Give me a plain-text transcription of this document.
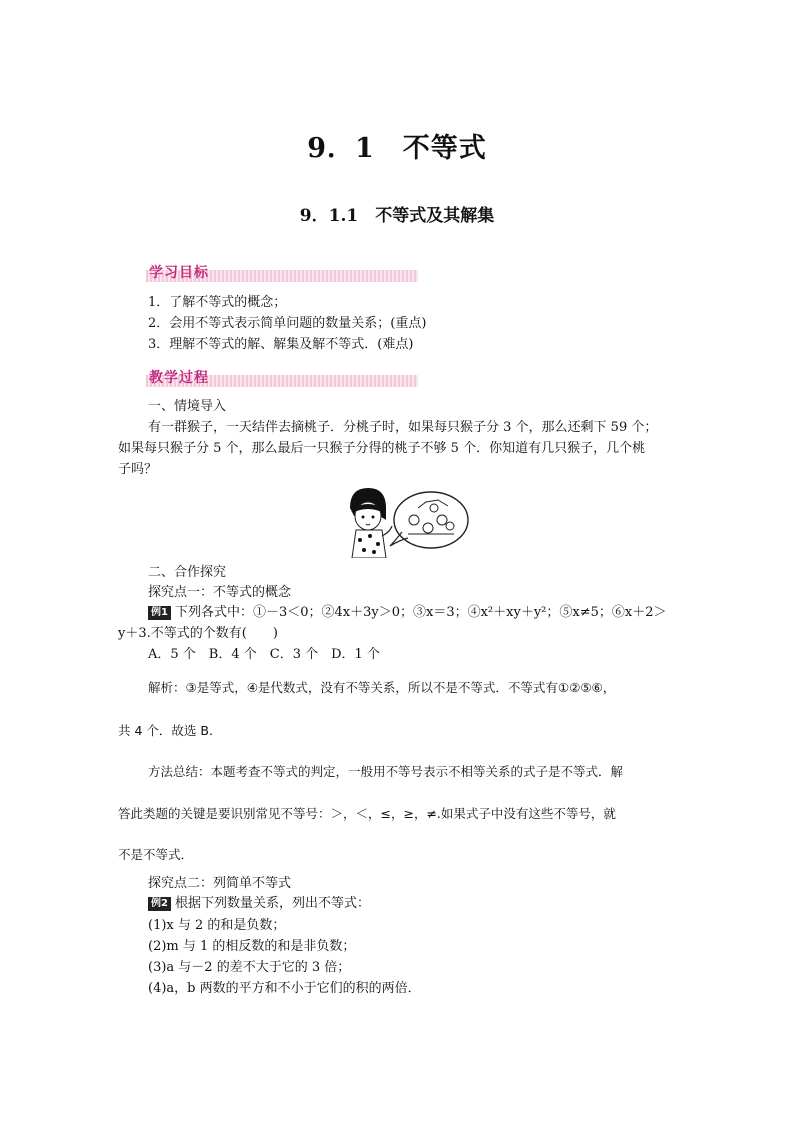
9．1　不等式
9．1.1　不等式及其解集
学习目标
1．了解不等式的概念；
2．会用不等式表示简单问题的数量关系；(重点)
3．理解不等式的解、解集及解不等式．(难点)
教学过程
一、情境导入
有一群猴子，一天结伴去摘桃子．分桃子时，如果每只猴子分 3 个，那么还剩下 59 个；
如果每只猴子分 5 个，那么最后一只猴子分得的桃子不够 5 个．你知道有几只猴子，几个桃
子吗？
二、合作探究
探究点一：不等式的概念
例1 下列各式中：①－3＜0；②4x＋3y＞0；③x＝3；④x²＋xy＋y²；⑤x≠5；⑥x＋2＞
y＋3.不等式的个数有(　　)
A．5 个　B．4 个　C．3 个　D．1 个
解析：③是等式，④是代数式，没有不等关系，所以不是不等式．不等式有①②⑤⑥，
共 4 个．故选 B.
方法总结：本题考查不等式的判定，一般用不等号表示不相等关系的式子是不等式．解
答此类题的关键是要识别常见不等号：＞，＜，≤，≥，≠.如果式子中没有这些不等号，就
不是不等式．
探究点二：列简单不等式
例2 根据下列数量关系，列出不等式：
(1)x 与 2 的和是负数；
(2)m 与 1 的相反数的和是非负数；
(3)a 与－2 的差不大于它的 3 倍；
(4)a，b 两数的平方和不小于它们的积的两倍．
